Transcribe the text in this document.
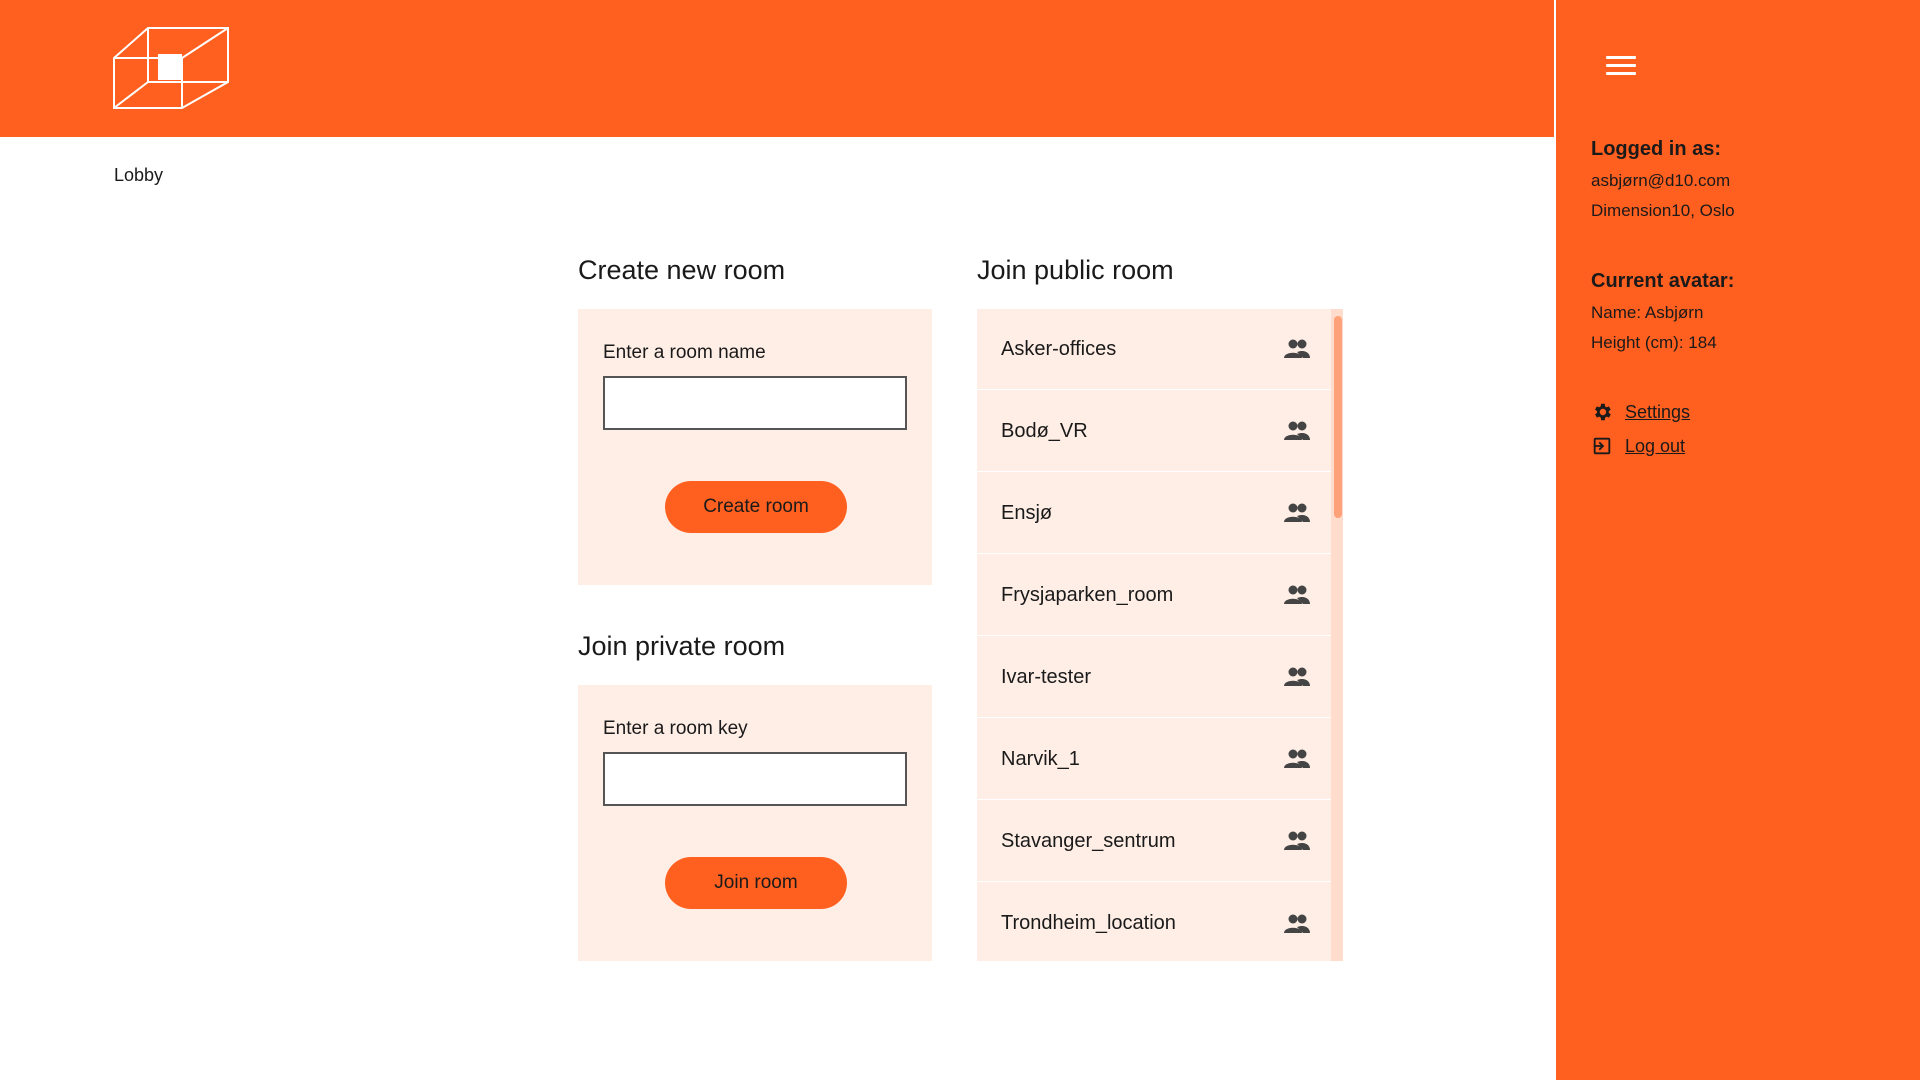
Lobby
Create new room
Enter a room name
Create room
Join private room
Enter a room key
Join room
Join public room
Asker-offices
Bodø_VR
Ensjø
Frysjaparken_room
Ivar-tester
Narvik_1
Stavanger_sentrum
Trondheim_location
Logged in as:
asbjørn@d10.com
Dimension10, Oslo
Current avatar:
Name: Asbjørn
Height (cm): 184
Settings
Log out
